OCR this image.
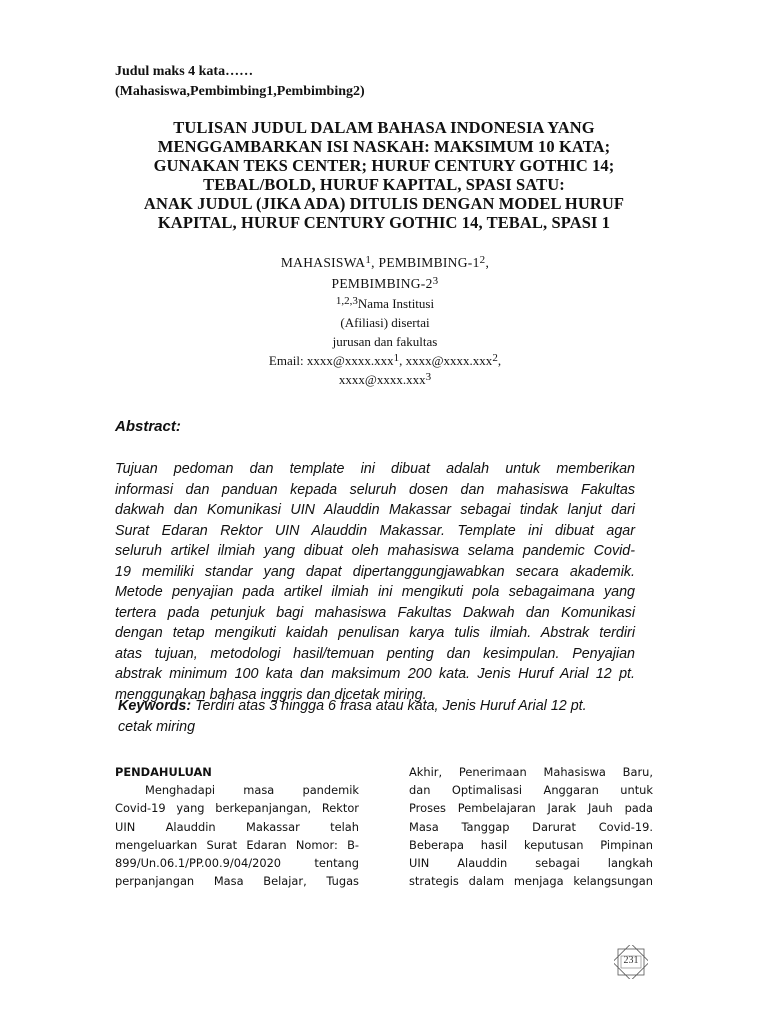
Judul maks 4 kata……
(Mahasiswa,Pembimbing1,Pembimbing2)
TULISAN JUDUL DALAM BAHASA INDONESIA YANG
MENGGAMBARKAN ISI NASKAH: MAKSIMUM 10 KATA;
GUNAKAN TEKS CENTER; HURUF CENTURY GOTHIC 14;
TEBAL/BOLD, HURUF KAPITAL, SPASI SATU:
ANAK JUDUL (JIKA ADA) DITULIS DENGAN MODEL HURUF
KAPITAL, HURUF CENTURY GOTHIC 14, TEBAL, SPASI 1
MAHASISWA$^1$, PEMBIMBING-$1^2$,
PEMBIMBING-$2^3$
$^{1,2,3}$Nama Institusi
(Afiliasi) disertai
jurusan dan fakultas
Email: xxxx@xxxx.xxx$^1$, xxxx@xxxx.xxx$^2$,
xxxx@xxxx.xxx$^3$
Abstract:
Tujuan pedoman dan template ini dibuat adalah untuk memberikan
informasi dan panduan kepada seluruh dosen dan mahasiswa Fakultas
dakwah dan Komunikasi UIN Alauddin Makassar sebagai tindak lanjut dari
Surat Edaran Rektor UIN Alauddin Makassar. Template ini dibuat agar
seluruh artikel ilmiah yang dibuat oleh mahasiswa selama pandemic Covid-
19 memiliki standar yang dapat dipertanggungjawabkan secara akademik.
Metode penyajian pada artikel ilmiah ini mengikuti pola sebagaimana yang
tertera pada petunjuk bagi mahasiswa Fakultas Dakwah dan Komunikasi
dengan tetap mengikuti kaidah penulisan karya tulis ilmiah. Abstrak terdiri
atas tujuan, metodologi hasil/temuan penting dan kesimpulan. Penyajian
abstrak minimum 100 kata dan maksimum 200 kata. Jenis Huruf Arial 12 pt.
menggunakan bahasa inggris dan dicetak miring.
Keywords: Terdiri atas 3 hingga 6 frasa atau kata, Jenis Huruf Arial 12 pt.
cetak miring
PENDAHULUAN
Menghadapi masa pandemik
Covid-19 yang berkepanjangan, Rektor
UIN Alauddin Makassar telah
mengeluarkan Surat Edaran Nomor: B-
899/Un.06.1/PP.00.9/04/2020 tentang
perpanjangan Masa Belajar, Tugas
Akhir, Penerimaan Mahasiswa Baru,
dan Optimalisasi Anggaran untuk
Proses Pembelajaran Jarak Jauh pada
Masa Tanggap Darurat Covid-19.
Beberapa hasil keputusan Pimpinan
UIN Alauddin sebagai langkah
strategis dalam menjaga kelangsungan
231
